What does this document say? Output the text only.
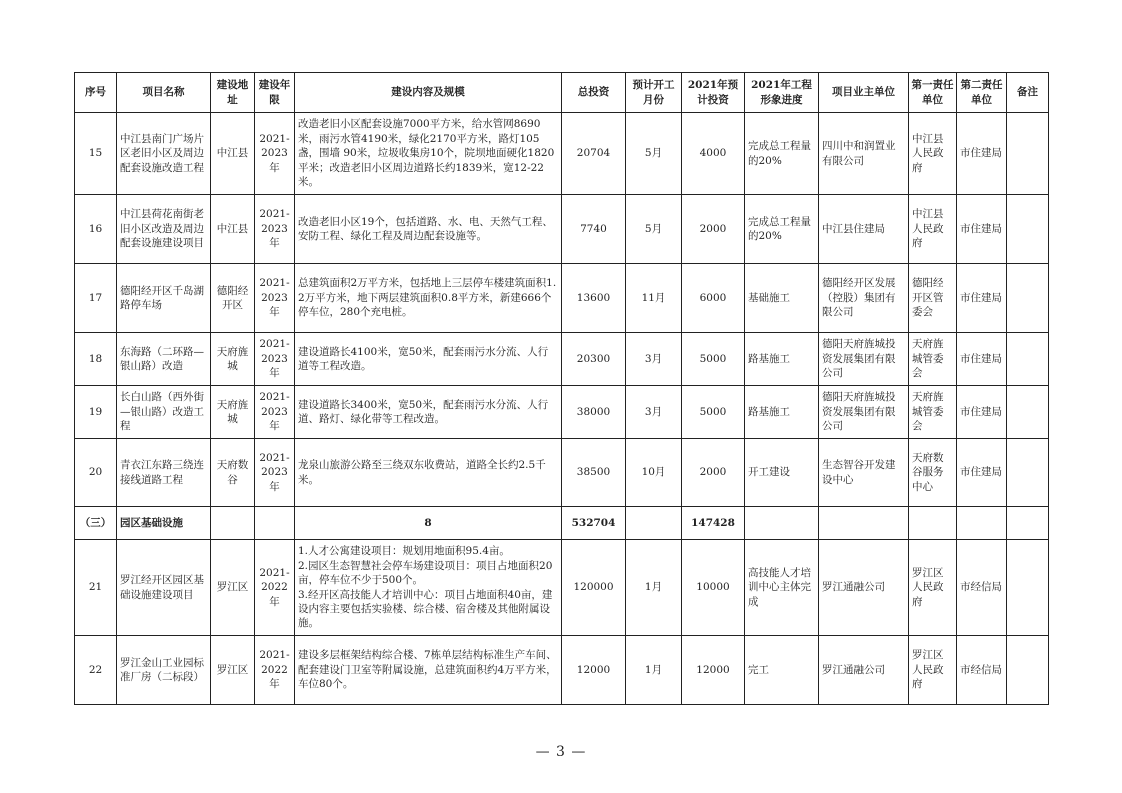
序号	项目名称	建设地址	建设年限	建设内容及规模	总投资	预计开工月份	2021年预计投资	2021年工程形象进度	项目业主单位	第一责任单位	第二责任单位	备注
15	中江县南门广场片区老旧小区及周边配套设施改造工程	中江县	2021-2023年	改造老旧小区配套设施7000平方米，给水管网8690米，雨污水管4190米，绿化2170平方米，路灯105盏，围墙 90米，垃圾收集房10个，院坝地面硬化1820平米；改造老旧小区周边道路长约1839米，宽12-22米。	20704	5月	4000	完成总工程量的20%	四川中和润置业有限公司	中江县人民政府	市住建局	
16	中江县荷花南街老旧小区改造及周边配套设施建设项目	中江县	2021-2023年	改造老旧小区19个，包括道路、水、电、天然气工程、安防工程、绿化工程及周边配套设施等。	7740	5月	2000	完成总工程量的20%	中江县住建局	中江县人民政府	市住建局	
17	德阳经开区千岛湖路停车场	德阳经开区	2021-2023年	总建筑面积2万平方米，包括地上三层停车楼建筑面积1.2万平方米，地下两层建筑面积0.8平方米，新建666个停车位，280个充电桩。	13600	11月	6000	基础施工	德阳经开区发展（控股）集团有限公司	德阳经开区管委会	市住建局	
18	东海路（二环路—银山路）改造	天府旌城	2021-2023年	建设道路长4100米，宽50米，配套雨污水分流、人行道等工程改造。	20300	3月	5000	路基施工	德阳天府旌城投资发展集团有限公司	天府旌城管委会	市住建局	
19	长白山路（西外街—银山路）改造工程	天府旌城	2021-2023年	建设道路长3400米，宽50米，配套雨污水分流、人行道、路灯、绿化带等工程改造。	38000	3月	5000	路基施工	德阳天府旌城投资发展集团有限公司	天府旌城管委会	市住建局	
20	青衣江东路三绕连接线道路工程	天府数谷	2021-2023年	龙泉山旅游公路至三绕双东收费站，道路全长约2.5千米。	38500	10月	2000	开工建设	生态智谷开发建设中心	天府数谷服务中心	市住建局	
（三）	园区基础设施			8	532704		147428					
21	罗江经开区园区基础设施建设项目	罗江区	2021-2022年	1.人才公寓建设项目：规划用地面积95.4亩。
2.园区生态智慧社会停车场建设项目：项目占地面积20亩，停车位不少于500个。
3.经开区高技能人才培训中心：项目占地面积40亩，建设内容主要包括实验楼、综合楼、宿舍楼及其他附属设施。	120000	1月	10000	高技能人才培训中心主体完成	罗江通融公司	罗江区人民政府	市经信局	
22	罗江金山工业园标准厂房（二标段）	罗江区	2021-2022年	建设多层框架结构综合楼、7栋单层结构标准生产车间、配套建设门卫室等附属设施，总建筑面积约4万平方米，车位80个。	12000	1月	12000	完工	罗江通融公司	罗江区人民政府	市经信局	
— 3 —
